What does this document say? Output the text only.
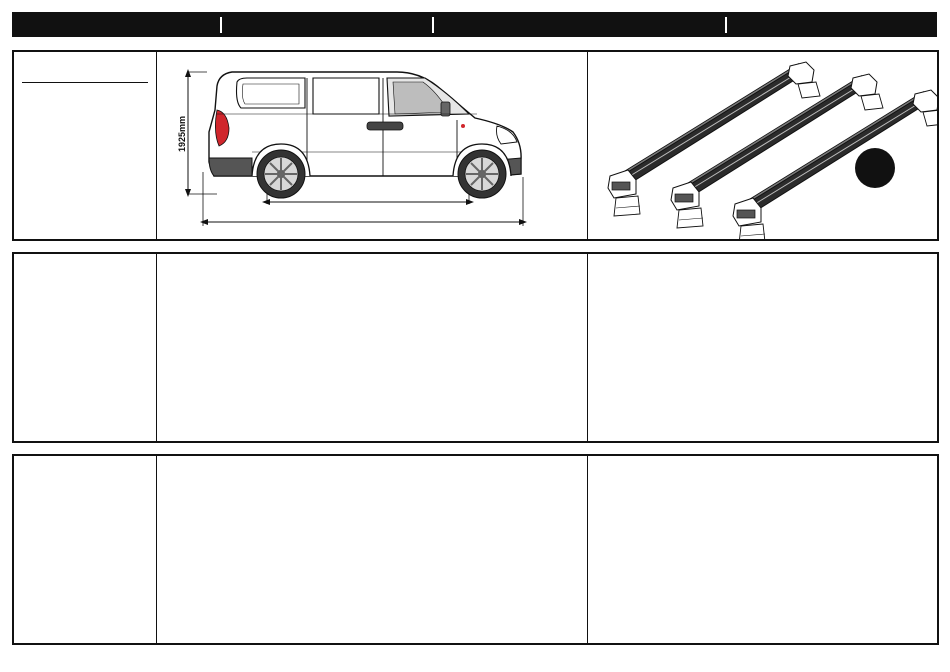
1925mm
